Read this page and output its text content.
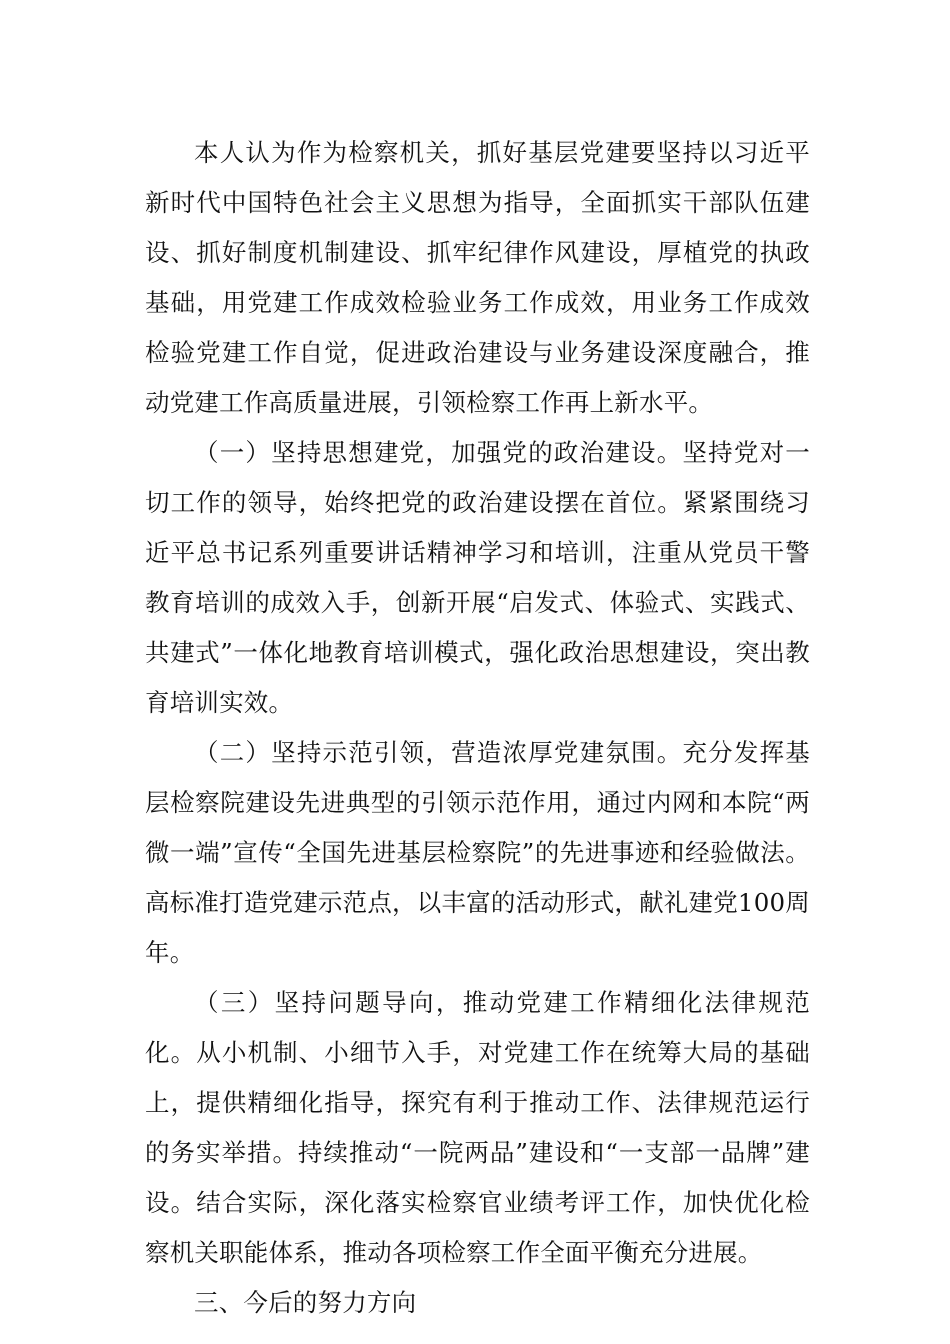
本人认为作为检察机关，抓好基层党建要坚持以习近平新时代中国特色社会主义思想为指导，全面抓实干部队伍建设、抓好制度机制建设、抓牢纪律作风建设，厚植党的执政基础，用党建工作成效检验业务工作成效，用业务工作成效检验党建工作自觉，促进政治建设与业务建设深度融合，推动党建工作高质量进展，引领检察工作再上新水平。

（一）坚持思想建党，加强党的政治建设。坚持党对一切工作的领导，始终把党的政治建设摆在首位。紧紧围绕习近平总书记系列重要讲话精神学习和培训，注重从党员干警教育培训的成效入手，创新开展“启发式、体验式、实践式、共建式”一体化地教育培训模式，强化政治思想建设，突出教育培训实效。

（二）坚持示范引领，营造浓厚党建氛围。充分发挥基层检察院建设先进典型的引领示范作用，通过内网和本院“两微一端”宣传“全国先进基层检察院”的先进事迹和经验做法。高标准打造党建示范点，以丰富的活动形式，献礼建党100周年。

（三）坚持问题导向，推动党建工作精细化法律规范化。从小机制、小细节入手，对党建工作在统筹大局的基础上，提供精细化指导，探究有利于推动工作、法律规范运行的务实举措。持续推动“一院两品”建设和“一支部一品牌”建设。结合实际，深化落实检察官业绩考评工作，加快优化检察机关职能体系，推动各项检察工作全面平衡充分进展。

三、今后的努力方向
